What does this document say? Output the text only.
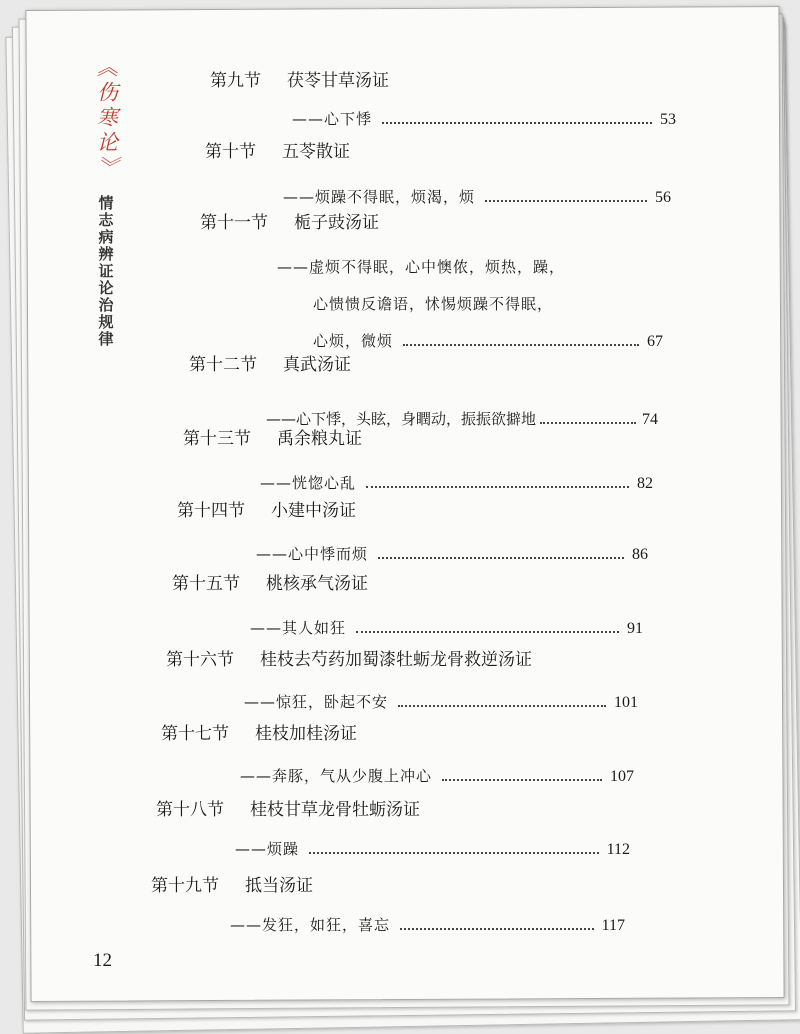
《伤寒论》
情志病辨证论治规律
第九节 茯苓甘草汤证
——心下悸	53
第十节 五苓散证
——烦躁不得眠，烦渴，烦	56
第十一节 栀子豉汤证
——虚烦不得眠，心中懊侬，烦热，躁，
心愦愦反谵语，怵惕烦躁不得眠，
心烦，微烦	67
第十二节 真武汤证
——心下悸，头眩，身瞤动，振振欲擗地	74
第十三节 禹余粮丸证
——恍惚心乱	82
第十四节 小建中汤证
——心中悸而烦	86
第十五节 桃核承气汤证
——其人如狂	91
第十六节 桂枝去芍药加蜀漆牡蛎龙骨救逆汤证
——惊狂，卧起不安	101
第十七节 桂枝加桂汤证
——奔豚，气从少腹上冲心	107
第十八节 桂枝甘草龙骨牡蛎汤证
——烦躁	112
第十九节 抵当汤证
——发狂，如狂，喜忘	117
12
